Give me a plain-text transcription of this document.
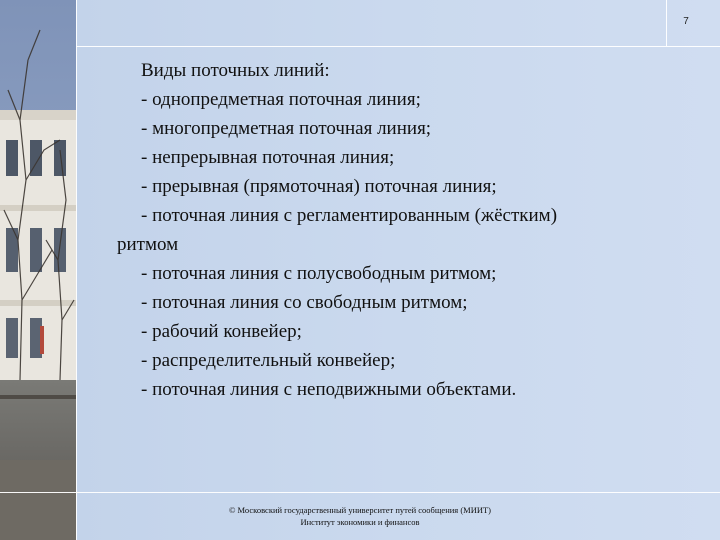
7
Виды поточных линий:
- однопредметная поточная линия;
- многопредметная поточная линия;
- непрерывная поточная линия;
- прерывная (прямоточная) поточная линия;
- поточная линия с регламентированным (жёстким)
ритмом
- поточная линия с полусвободным ритмом;
- поточная линия со свободным ритмом;
- рабочий конвейер;
- распределительный конвейер;
- поточная линия с неподвижными объектами.
© Московский государственный университет путей сообщения (МИИТ)
Институт экономики и финансов
